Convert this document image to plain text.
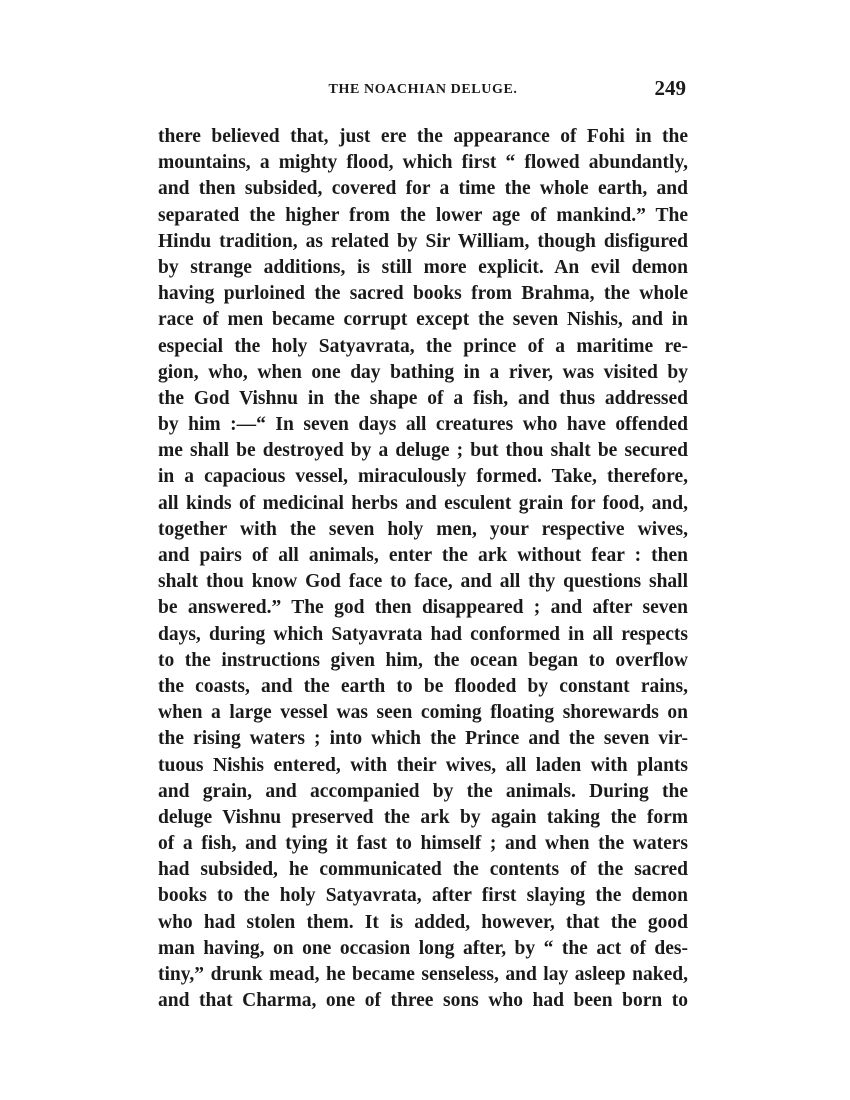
THE NOACHIAN DELUGE.	249
there believed that, just ere the appearance of Fohi in the
mountains, a mighty flood, which first “ flowed abundantly,
and then subsided, covered for a time the whole earth, and
separated the higher from the lower age of mankind.” The
Hindu tradition, as related by Sir William, though disfigured
by strange additions, is still more explicit. An evil demon
having purloined the sacred books from Brahma, the whole
race of men became corrupt except the seven Nishis, and in
especial the holy Satyavrata, the prince of a maritime re-
gion, who, when one day bathing in a river, was visited by
the God Vishnu in the shape of a fish, and thus addressed
by him :—“ In seven days all creatures who have offended
me shall be destroyed by a deluge ; but thou shalt be secured
in a capacious vessel, miraculously formed. Take, therefore,
all kinds of medicinal herbs and esculent grain for food, and,
together with the seven holy men, your respective wives,
and pairs of all animals, enter the ark without fear : then
shalt thou know God face to face, and all thy questions shall
be answered.” The god then disappeared ; and after seven
days, during which Satyavrata had conformed in all respects
to the instructions given him, the ocean began to overflow
the coasts, and the earth to be flooded by constant rains,
when a large vessel was seen coming floating shorewards on
the rising waters ; into which the Prince and the seven vir-
tuous Nishis entered, with their wives, all laden with plants
and grain, and accompanied by the animals. During the
deluge Vishnu preserved the ark by again taking the form
of a fish, and tying it fast to himself ; and when the waters
had subsided, he communicated the contents of the sacred
books to the holy Satyavrata, after first slaying the demon
who had stolen them. It is added, however, that the good
man having, on one occasion long after, by “ the act of des-
tiny,” drunk mead, he became senseless, and lay asleep naked,
and that Charma, one of three sons who had been born to
